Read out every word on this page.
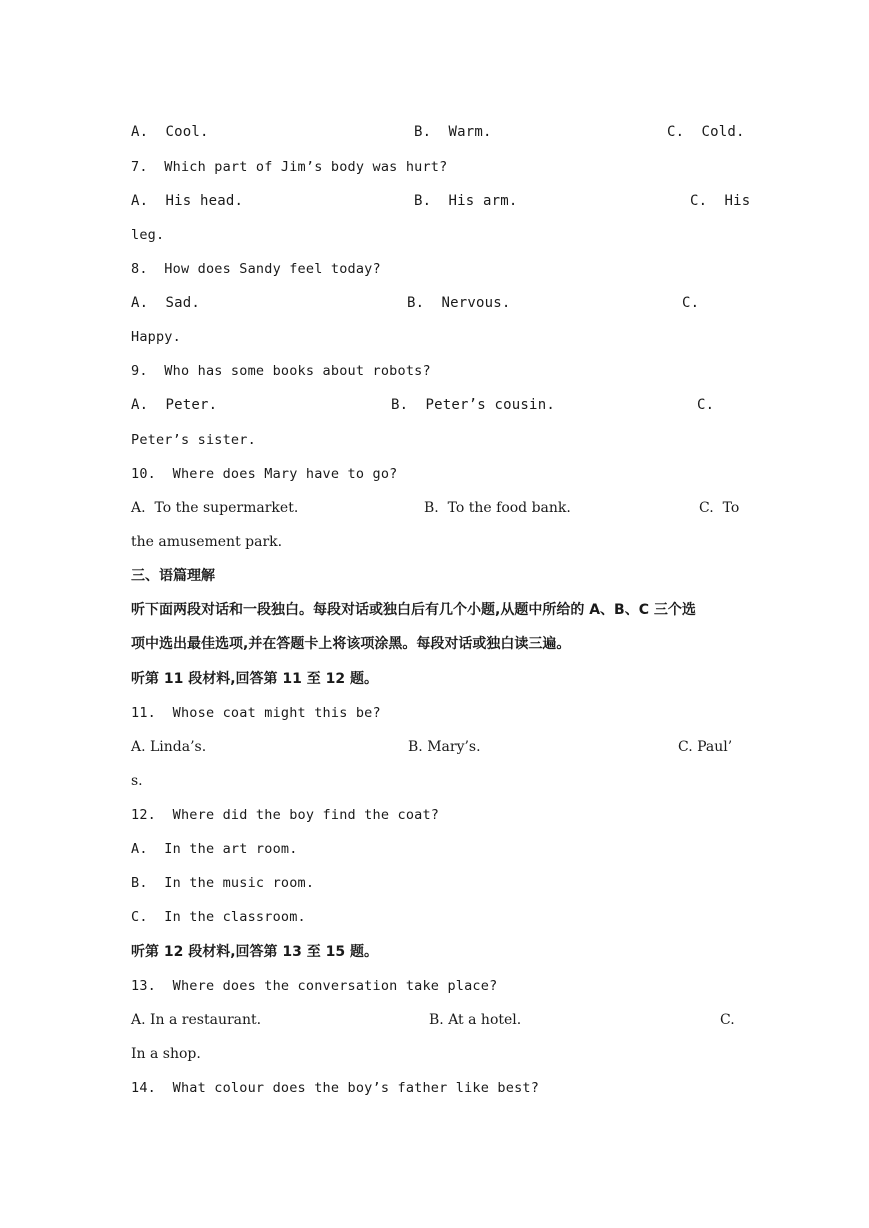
A.  Cool.	B.  Warm.	C.  Cold.
7.  Which part of Jim’s body was hurt?
A.  His head.	B.  His arm.	C.  His
leg.
8.  How does Sandy feel today?
A.  Sad.	B.  Nervous.	C.
Happy.
9.  Who has some books about robots?
A.  Peter.	B.  Peter’s cousin.	C.
Peter’s sister.
10.  Where does Mary have to go?
A.  To the supermarket.	B.  To the food bank.	C.  To
the amusement park.
三、语篇理解
听下面两段对话和一段独白。每段对话或独白后有几个小题,从题中所给的 A、B、C 三个选
项中选出最佳选项,并在答题卡上将该项涂黑。每段对话或独白读三遍。
听第 11 段材料,回答第 11 至 12 题。
11.  Whose coat might this be?
A. Linda’s.	B. Mary’s.	C. Paul’
s.
12.  Where did the boy find the coat?
A.  In the art room.
B.  In the music room.
C.  In the classroom.
听第 12 段材料,回答第 13 至 15 题。
13.  Where does the conversation take place?
A. In a restaurant.	B. At a hotel.	C.
In a shop.
14.  What colour does the boy’s father like best?
